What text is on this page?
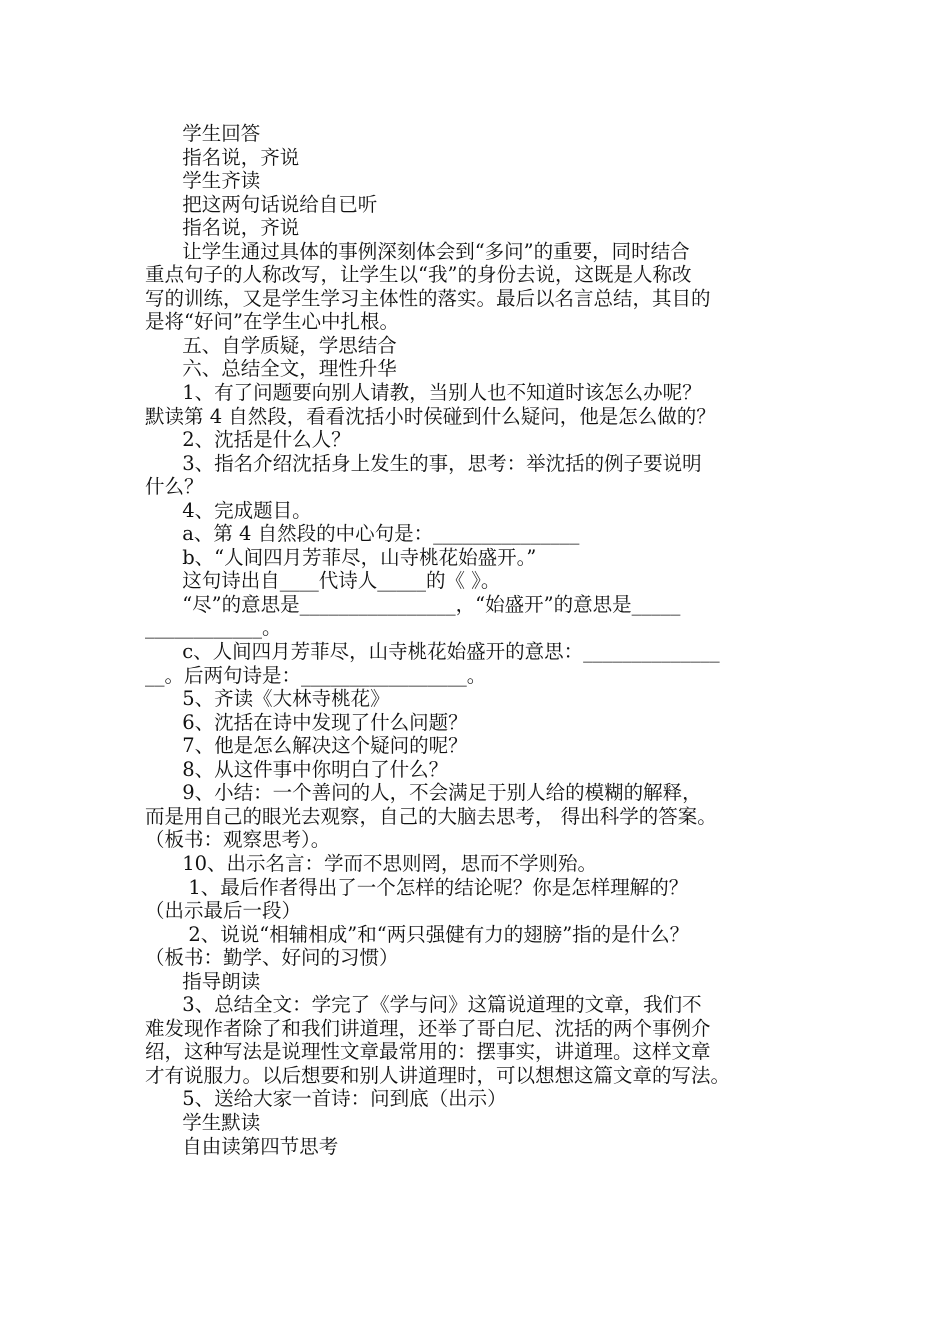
学生回答
指名说，齐说
学生齐读
把这两句话说给自已听
指名说，齐说
让学生通过具体的事例深刻体会到“多问”的重要，同时结合
重点句子的人称改写，让学生以“我”的身份去说，这既是人称改
写的训练，又是学生学习主体性的落实。最后以名言总结，其目的
是将“好问”在学生心中扎根。
五、自学质疑，学思结合
六、总结全文，理性升华
1、有了问题要向别人请教，当别人也不知道时该怎么办呢？
默读第 4 自然段，看看沈括小时侯碰到什么疑问，他是怎么做的？
2、沈括是什么人？
3、指名介绍沈括身上发生的事，思考：举沈括的例子要说明
什么？
4、完成题目。
a、第 4 自然段的中心句是：_______________
b、“人间四月芳菲尽，山寺桃花始盛开。”
这句诗出自____代诗人_____的《 》。
“尽”的意思是________________，“始盛开”的意思是_____
____________。
c、人间四月芳菲尽，山寺桃花始盛开的意思：______________
__。后两句诗是：_________________。
5、齐读《大林寺桃花》
6、沈括在诗中发现了什么问题？
7、他是怎么解决这个疑问的呢？
8、从这件事中你明白了什么？
9、小结：一个善问的人，不会满足于别人给的模糊的解释，
而是用自己的眼光去观察，自己的大脑去思考， 得出科学的答案。
（板书：观察思考）。
10、出示名言：学而不思则罔，思而不学则殆。
1、最后作者得出了一个怎样的结论呢？你是怎样理解的？
（出示最后一段）
2、说说“相辅相成”和“两只强健有力的翅膀”指的是什么？
（板书：勤学、好问的习惯）
指导朗读
3、总结全文：学完了《学与问》这篇说道理的文章，我们不
难发现作者除了和我们讲道理，还举了哥白尼、沈括的两个事例介
绍，这种写法是说理性文章最常用的：摆事实，讲道理。这样文章
才有说服力。以后想要和别人讲道理时，可以想想这篇文章的写法。
5、送给大家一首诗：问到底（出示）
学生默读
自由读第四节思考
